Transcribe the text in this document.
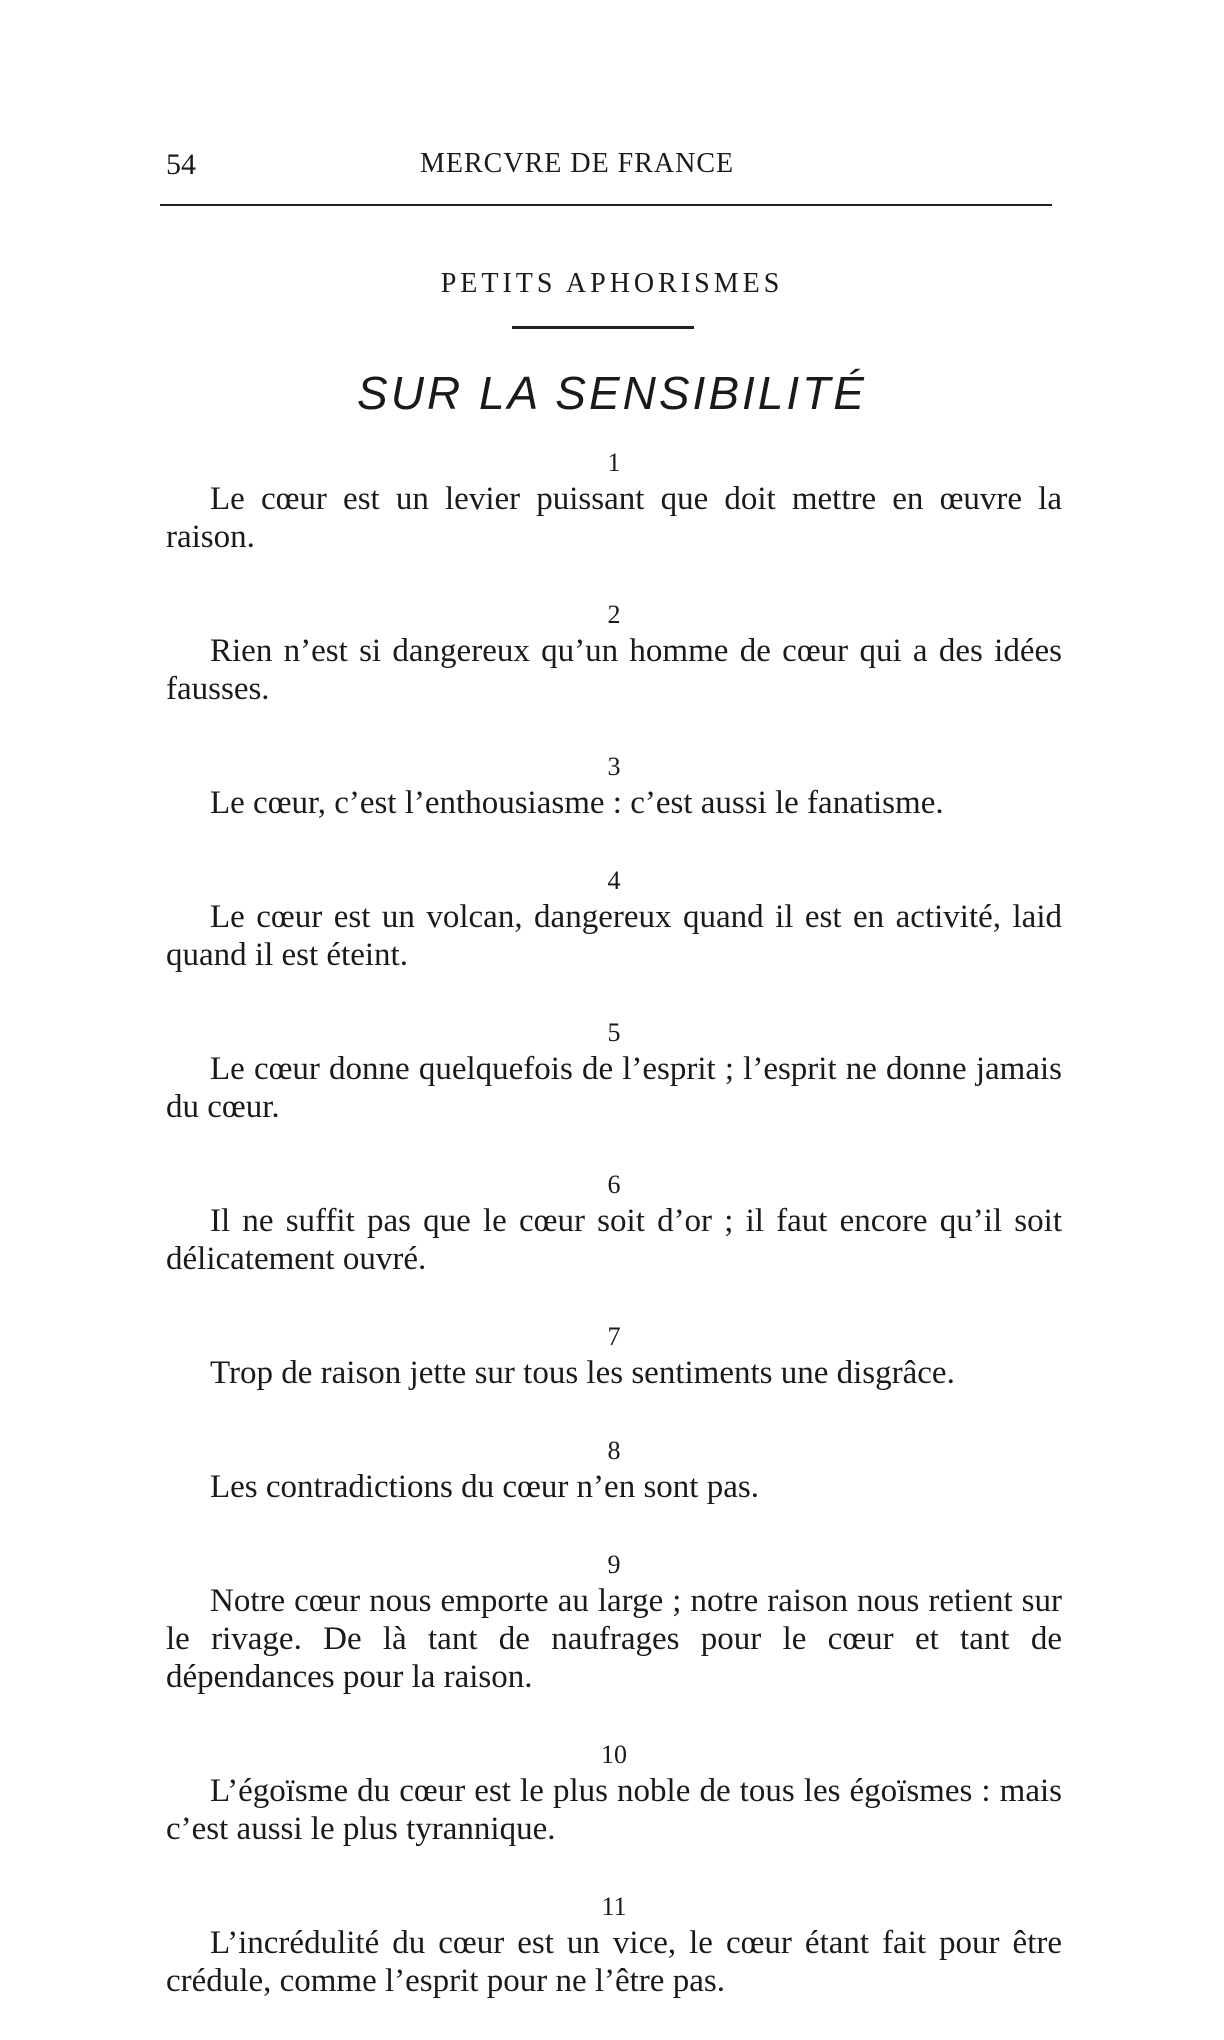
54	MERCVRE DE FRANCE
PETITS APHORISMES
SUR LA SENSIBILITÉ
1

Le cœur est un levier puissant que doit mettre en œuvre la raison.

2

Rien n’est si dangereux qu’un homme de cœur qui a des idées fausses.

3

Le cœur, c’est l’enthousiasme : c’est aussi le fanatisme.

4

Le cœur est un volcan, dangereux quand il est en activité, laid quand il est éteint.

5

Le cœur donne quelquefois de l’esprit ; l’esprit ne donne jamais du cœur.

6

Il ne suffit pas que le cœur soit d’or ; il faut encore qu’il soit délicatement ouvré.

7

Trop de raison jette sur tous les sentiments une disgrâce.

8

Les contradictions du cœur n’en sont pas.

9

Notre cœur nous emporte au large ; notre raison nous retient sur le rivage. De là tant de naufrages pour le cœur et tant de dépendances pour la raison.

10

L’égoïsme du cœur est le plus noble de tous les égoïsmes : mais c’est aussi le plus tyrannique.

11

L’incrédulité du cœur est un vice, le cœur étant fait pour être crédule, comme l’esprit pour ne l’être pas.
